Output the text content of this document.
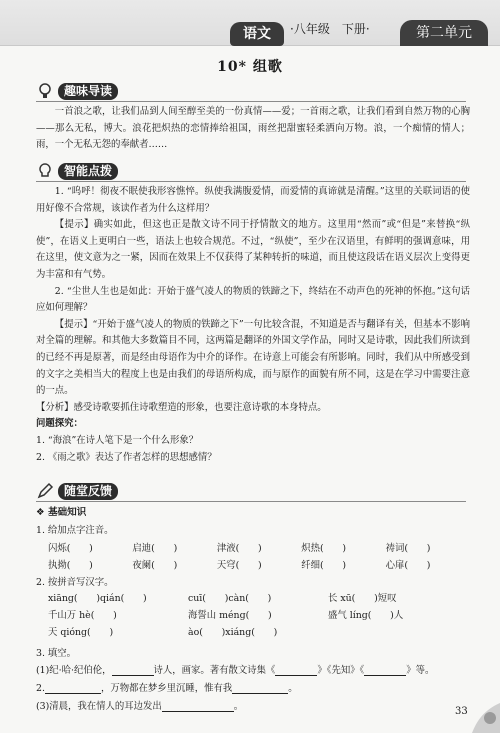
语文	·八年级　下册·	第二单元
10* 组歌
趣味导读

一首浪之歌，让我们品到人间至醇至美的一份真情——爱；一首雨之歌，让我们看到自然万物的心胸——那么无私，博大。浪花把炽热的恋情捧给祖国，雨丝把甜蜜轻柔洒向万物。浪，一个痴情的情人；雨，一个无私无怨的奉献者……

智能点拨

1. “呜呼！彻夜不眠使我形容憔悴。纵使我满腹爱情，而爱情的真谛就是清醒。”这里的关联词语的使用好像不合常规，该读作者为什么这样用？

【提示】确实如此，但这也正是散文诗不同于抒情散文的地方。这里用“然而”或“但是”来替换“纵使”，在语义上更明白一些，语法上也较合规范。不过，“纵使”，至少在汉语里，有鲜明的强调意味，用在这里，使文意为之一紧，因而在效果上不仅获得了某种转折的味道，而且使这段话在语义层次上变得更为丰富和有气势。

2. “尘世人生也是如此：开始于盛气凌人的物质的铁蹄之下，终结在不动声色的死神的怀抱。”这句话应如何理解？

【提示】“开始于盛气凌人的物质的铁蹄之下”一句比较含混，不知道是否与翻译有关，但基本不影响对全篇的理解。和其他大多数篇目不同，这两篇是翻译的外国文学作品，同时又是诗歌，因此我们所读到的已经不再是原著，而是经由母语作为中介的译作。在诗意上可能会有所影响。同时，我们从中所感受到的文字之美相当大的程度上也是由我们的母语所构成，而与原作的面貌有所不同，这是在学习中需要注意的一点。

【分析】感受诗歌要抓住诗歌塑造的形象，也要注意诗歌的本身特点。

问题探究：

1. “海浪”在诗人笔下是一个什么形象？

2. 《雨之歌》表达了作者怎样的思想感情？

随堂反馈
❖ 基础知识
1. 给加点字注音。
闪烁(　　)	启迪(　　)	津液(　　)	炽热(　　)	祷词(　　)
执拗(　　)	夜阑(　　)	天穹(　　)	纤细(　　)	心扉(　　)
2. 按拼音写汉字。
xiāng(　　)qián(　　)	cuī(　　)càn(　　)	长 xū(　　)短叹
千山万 hè(　　)	海誓山 méng(　　)	盛气 líng(　　)人
天 qióng(　　)	ào(　　)xiáng(　　)
3. 填空。
(1)纪·哈·纪伯伦，	诗人，画家。著有散文诗集《	》《先知》《	》等。
2.	，万物都在梦乡里沉睡，惟有我	。
(3)清晨，我在情人的耳边发出	。	33
